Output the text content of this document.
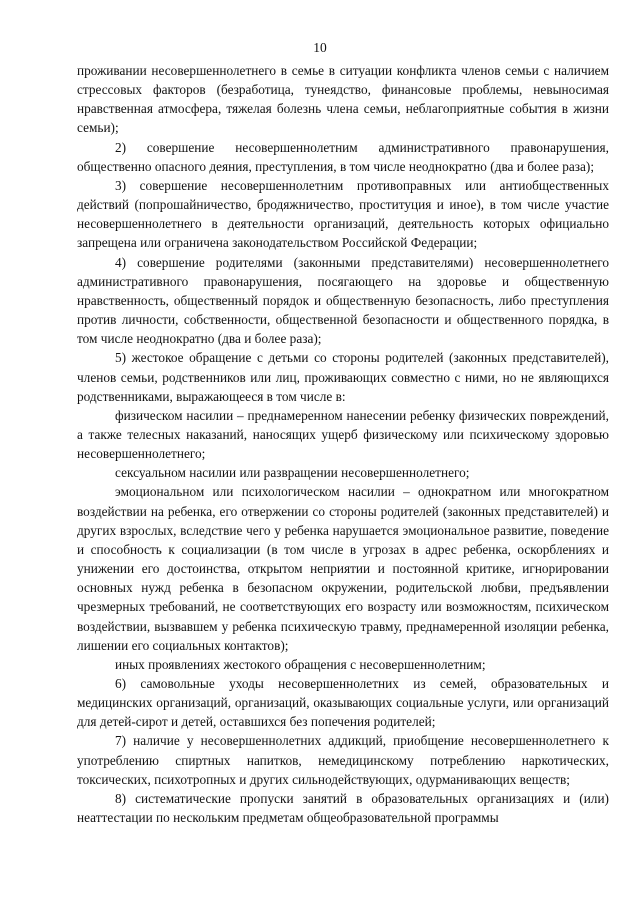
10

проживании несовершеннолетнего в семье в ситуации конфликта членов семьи с наличием стрессовых факторов (безработица, тунеядство, финансовые проблемы, невыносимая нравственная атмосфера, тяжелая болезнь члена семьи, неблагоприятные события в жизни семьи);

2) совершение несовершеннолетним административного правонарушения, общественно опасного деяния, преступления, в том числе неоднократно (два и более раза);

3) совершение несовершеннолетним противоправных или антиобщественных действий (попрошайничество, бродяжничество, проституция и иное), в том числе участие несовершеннолетнего в деятельности организаций, деятельность которых официально запрещена или ограничена законодательством Российской Федерации;

4) совершение родителями (законными представителями) несовершеннолетнего административного правонарушения, посягающего на здоровье и общественную нравственность, общественный порядок и общественную безопасность, либо преступления против личности, собственности, общественной безопасности и общественного порядка, в том числе неоднократно (два и более раза);

5) жестокое обращение с детьми со стороны родителей (законных представителей), членов семьи, родственников или лиц, проживающих совместно с ними, но не являющихся родственниками, выражающееся в том числе в:

физическом насилии – преднамеренном нанесении ребенку физических повреждений, а также телесных наказаний, наносящих ущерб физическому или психическому здоровью несовершеннолетнего;

сексуальном насилии или развращении несовершеннолетнего;

эмоциональном или психологическом насилии – однократном или многократном воздействии на ребенка, его отвержении со стороны родителей (законных представителей) и других взрослых, вследствие чего у ребенка нарушается эмоциональное развитие, поведение и способность к социализации (в том числе в угрозах в адрес ребенка, оскорблениях и унижении его достоинства, открытом неприятии и постоянной критике, игнорировании основных нужд ребенка в безопасном окружении, родительской любви, предъявлении чрезмерных требований, не соответствующих его возрасту или возможностям, психическом воздействии, вызвавшем у ребенка психическую травму, преднамеренной изоляции ребенка, лишении его социальных контактов);

иных проявлениях жестокого обращения с несовершеннолетним;

6) самовольные уходы несовершеннолетних из семей, образовательных и медицинских организаций, организаций, оказывающих социальные услуги, или организаций для детей-сирот и детей, оставшихся без попечения родителей;

7) наличие у несовершеннолетних аддикций, приобщение несовершеннолетнего к употреблению спиртных напитков, немедицинскому потреблению наркотических, токсических, психотропных и других сильнодействующих, одурманивающих веществ;

8) систематические пропуски занятий в образовательных организациях и (или) неаттестации по нескольким предметам общеобразовательной программы
